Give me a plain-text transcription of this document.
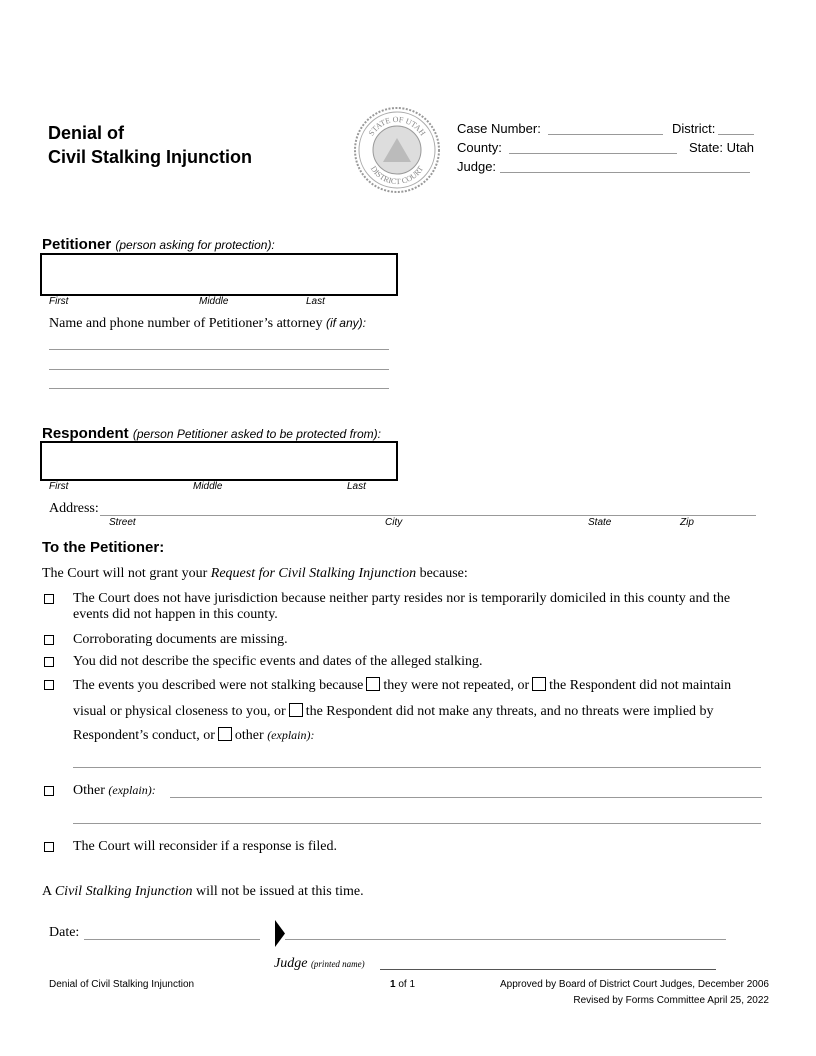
Denial of
Civil Stalking Injunction
STATE OF UTAH
DISTRICT COURT
Case Number:	District:
County:	State: Utah
Judge:
Petitioner (person asking for protection):
First	Middle	Last
Name and phone number of Petitioner’s attorney (if any):
Respondent (person Petitioner asked to be protected from):
First	Middle	Last
Address:
Street	City	State	Zip
To the Petitioner:
The Court will not grant your Request for Civil Stalking Injunction because:
The Court does not have jurisdiction because neither party resides nor is temporarily domiciled in this county and the
events did not happen in this county.
Corroborating documents are missing.
You did not describe the specific events and dates of the alleged stalking.
The events you described were not stalking because they were not repeated, or the Respondent did not maintain
visual or physical closeness to you, or the Respondent did not make any threats, and no threats were implied by
Respondent’s conduct, or other (explain):
Other (explain):
The Court will reconsider if a response is filed.
A Civil Stalking Injunction will not be issued at this time.
Date:
Judge (printed name)
Denial of Civil Stalking Injunction	1 of 1	Approved by Board of District Court Judges, December 2006
Revised by Forms Committee April 25, 2022
